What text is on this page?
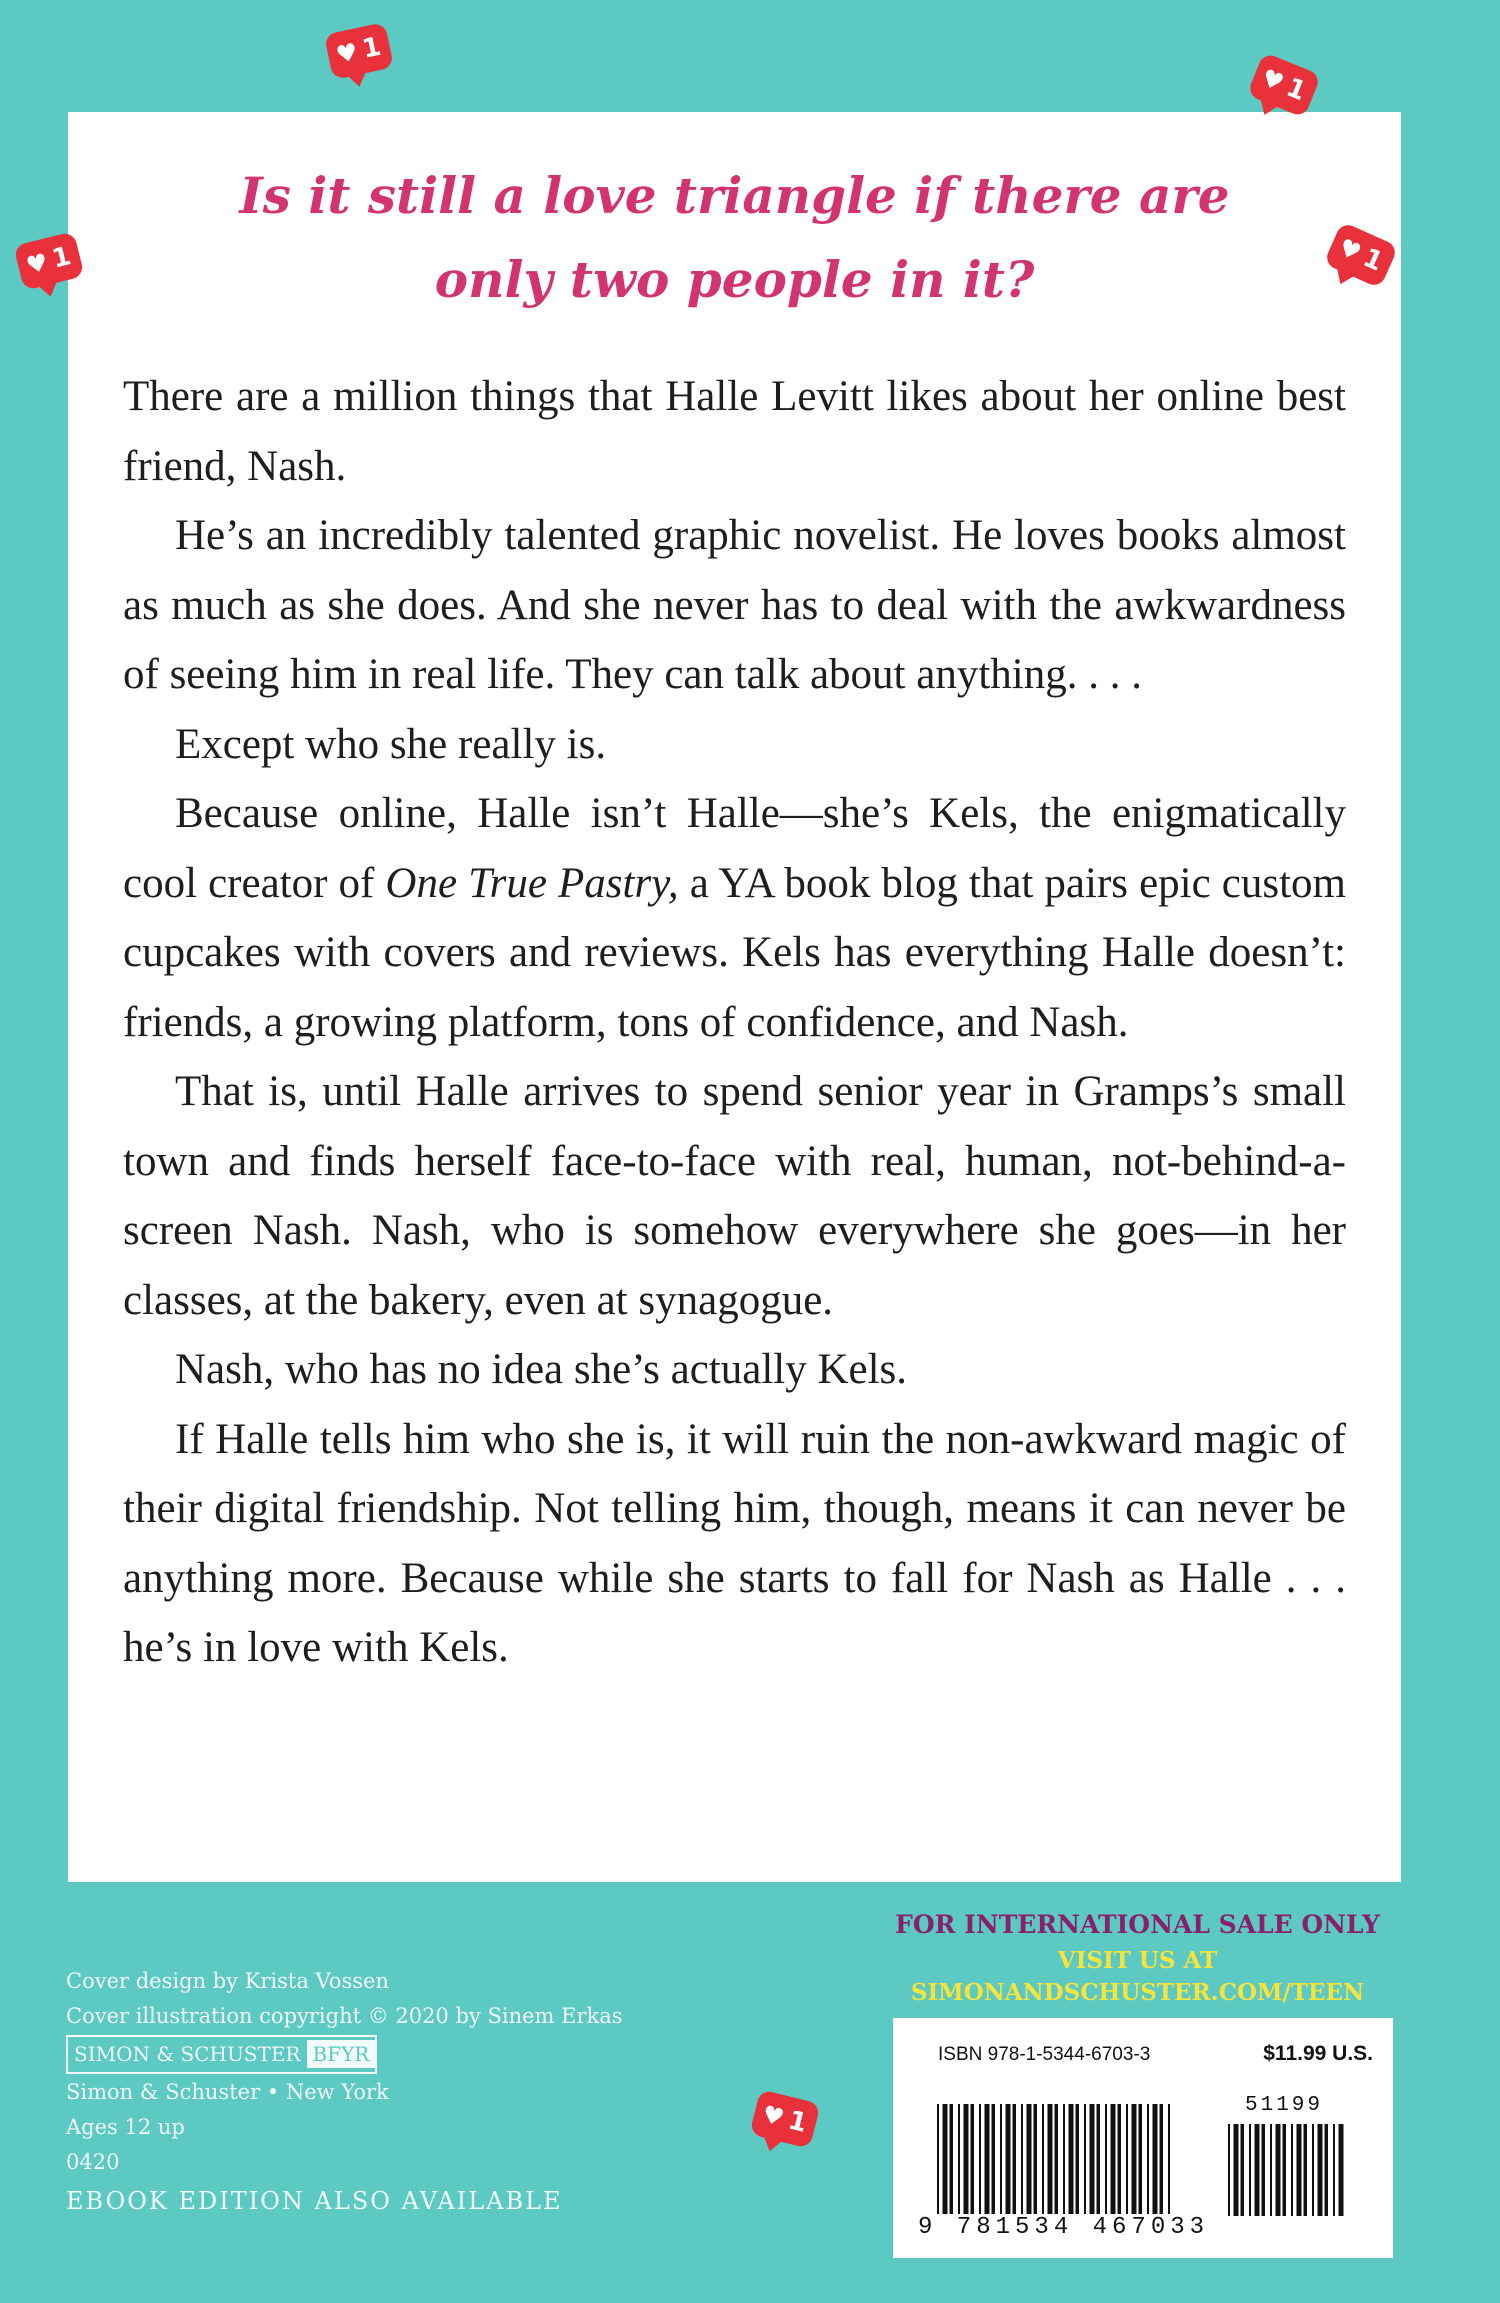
Is it still a love triangle if there are
only two people in it?

There are a million things that Halle Levitt likes about her online best friend, Nash.

He’s an incredibly talented graphic novelist. He loves books almost as much as she does. And she never has to deal with the awkwardness of seeing him in real life. They can talk about anything. . . .

Except who she really is.

Because online, Halle isn’t Halle—she’s Kels, the enigmatically cool creator of One True Pastry, a YA book blog that pairs epic custom cupcakes with covers and reviews. Kels has everything Halle doesn’t: friends, a growing platform, tons of confidence, and Nash.

That is, until Halle arrives to spend senior year in Gramps’s small town and finds herself face-to-face with real, human, not-behind-a-screen Nash. Nash, who is somehow everywhere she goes—in her classes, at the bakery, even at synagogue.

Nash, who has no idea she’s actually Kels.

If Halle tells him who she is, it will ruin the non-awkward magic of their digital friendship. Not telling him, though, means it can never be anything more. Because while she starts to fall for Nash as Halle . . . he’s in love with Kels.

♥ 1
♥
1
♥
1	♥
1
♥
1
Cover design by Krista Vossen
Cover illustration copyright © 2020 by Sinem Erkas
SIMON & SCHUSTER BFYR
Simon & Schuster • New York
Ages 12 up
0420
EBOOK EDITION ALSO AVAILABLE
FOR INTERNATIONAL SALE ONLY
VISIT US AT
SIMONANDSCHUSTER.COM/TEEN
ISBN 978-1-5344-6703-3	$11.99 U.S.
51199
9 781534 467033
